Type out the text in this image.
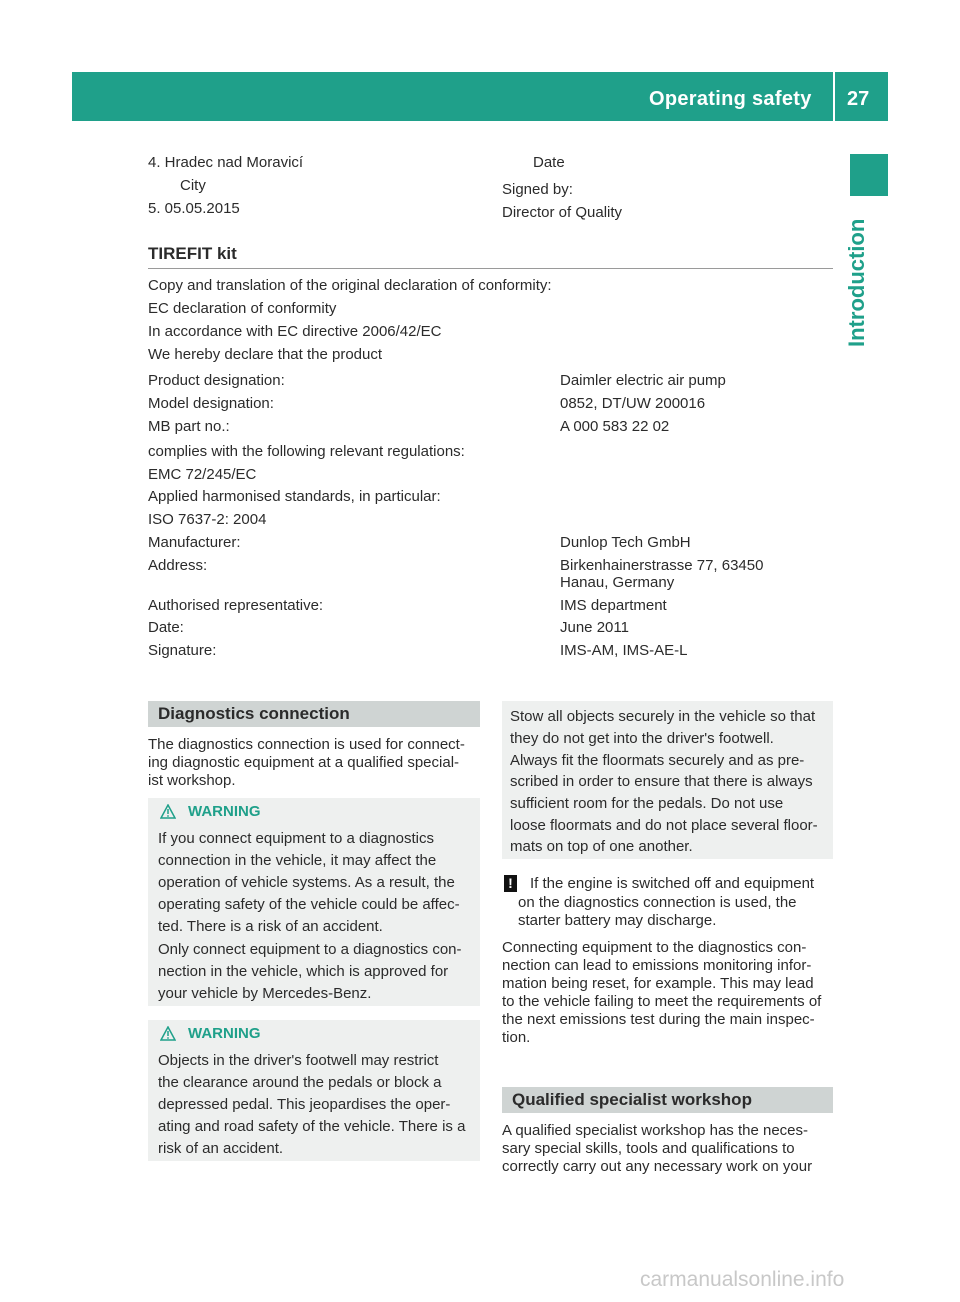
Operating safety	27
Introduction
4. Hradec nad Moravicí
City
5. 05.05.2015
Date
Signed by:
Director of Quality
TIREFIT kit
Copy and translation of the original declaration of conformity:
EC declaration of conformity
In accordance with EC directive 2006/42/EC
We hereby declare that the product
Product designation:	Daimler electric air pump
Model designation:	0852, DT/UW 200016
MB part no.:	A 000 583 22 02
complies with the following relevant regulations:
EMC 72/245/EC
Applied harmonised standards, in particular:
ISO 7637-2: 2004
Manufacturer:	Dunlop Tech GmbH
Address:	Birkenhainerstrasse 77, 63450
Hanau, Germany
Authorised representative:	IMS department
Date:	June 2011
Signature:	IMS-AM, IMS-AE-L
Diagnostics connection
The diagnostics connection is used for connect-
ing diagnostic equipment at a qualified special-
ist workshop.
WARNING
If you connect equipment to a diagnostics
connection in the vehicle, it may affect the
operation of vehicle systems. As a result, the
operating safety of the vehicle could be affec-
ted. There is a risk of an accident.
Only connect equipment to a diagnostics con-
nection in the vehicle, which is approved for
your vehicle by Mercedes-Benz.
WARNING
Objects in the driver's footwell may restrict
the clearance around the pedals or block a
depressed pedal. This jeopardises the oper-
ating and road safety of the vehicle. There is a
risk of an accident.
Stow all objects securely in the vehicle so that
they do not get into the driver's footwell.
Always fit the floormats securely and as pre-
scribed in order to ensure that there is always
sufficient room for the pedals. Do not use
loose floormats and do not place several floor-
mats on top of one another.
! If the engine is switched off and equipment
on the diagnostics connection is used, the
starter battery may discharge.
Connecting equipment to the diagnostics con-
nection can lead to emissions monitoring infor-
mation being reset, for example. This may lead
to the vehicle failing to meet the requirements of
the next emissions test during the main inspec-
tion.
Qualified specialist workshop
A qualified specialist workshop has the neces-
sary special skills, tools and qualifications to
correctly carry out any necessary work on your
carmanualsonline.info
